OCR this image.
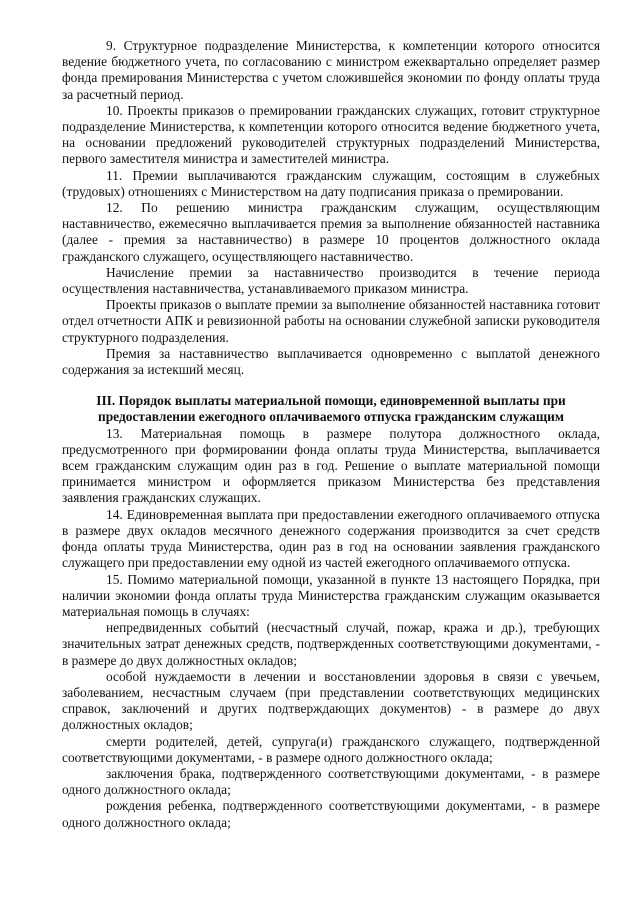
9. Структурное подразделение Министерства, к компетенции которого относится ведение бюджетного учета, по согласованию с министром ежеквартально определяет размер фонда премирования Министерства с учетом сложившейся экономии по фонду оплаты труда за расчетный период.

10. Проекты приказов о премировании гражданских служащих, готовит структурное подразделение Министерства, к компетенции которого относится ведение бюджетного учета, на основании предложений руководителей структурных подразделений Министерства, первого заместителя министра и заместителей министра.

11. Премии выплачиваются гражданским служащим, состоящим в служебных (трудовых) отношениях с Министерством на дату подписания приказа о премировании.

12. По решению министра гражданским служащим, осуществляющим наставничество, ежемесячно выплачивается премия за выполнение обязанностей наставника (далее - премия за наставничество) в размере 10 процентов должностного оклада гражданского служащего, осуществляющего наставничество.

Начисление премии за наставничество производится в течение периода осуществления наставничества, устанавливаемого приказом министра.

Проекты приказов о выплате премии за выполнение обязанностей наставника готовит отдел отчетности АПК и ревизионной работы на основании служебной записки руководителя структурного подразделения.

Премия за наставничество выплачивается одновременно с выплатой денежного содержания за истекший месяц.

III. Порядок выплаты материальной помощи, единовременной выплаты при предоставлении ежегодного оплачиваемого отпуска гражданским служащим

13. Материальная помощь в размере полутора должностного оклада, предусмотренного при формировании фонда оплаты труда Министерства, выплачивается всем гражданским служащим один раз в год. Решение о выплате материальной помощи принимается министром и оформляется приказом Министерства без представления заявления гражданских служащих.

14. Единовременная выплата при предоставлении ежегодного оплачиваемого отпуска в размере двух окладов месячного денежного содержания производится за счет средств фонда оплаты труда Министерства, один раз в год на основании заявления гражданского служащего при предоставлении ему одной из частей ежегодного оплачиваемого отпуска.

15. Помимо материальной помощи, указанной в пункте 13 настоящего Порядка, при наличии экономии фонда оплаты труда Министерства гражданским служащим оказывается материальная помощь в случаях:

непредвиденных событий (несчастный случай, пожар, кража и др.), требующих значительных затрат денежных средств, подтвержденных соответствующими документами, - в размере до двух должностных окладов;

особой нуждаемости в лечении и восстановлении здоровья в связи с увечьем, заболеванием, несчастным случаем (при представлении соответствующих медицинских справок, заключений и других подтверждающих документов) - в размере до двух должностных окладов;

смерти родителей, детей, супруга(и) гражданского служащего, подтвержденной соответствующими документами, - в размере одного должностного оклада;

заключения брака, подтвержденного соответствующими документами, - в размере одного должностного оклада;

рождения ребенка, подтвержденного соответствующими документами, - в размере одного должностного оклада;
